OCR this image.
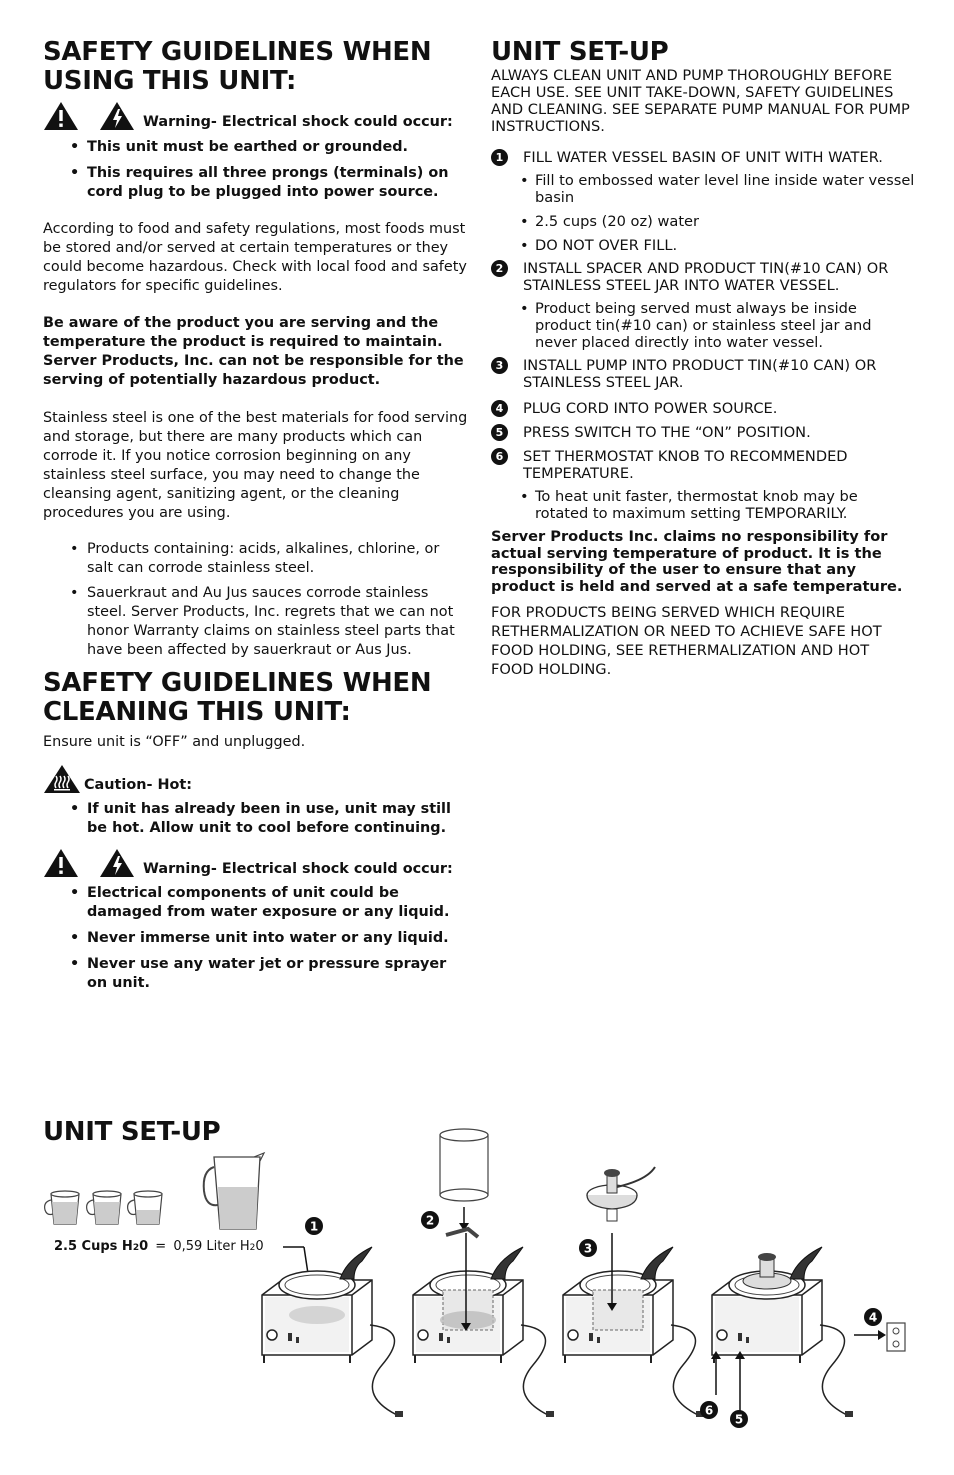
SAFETY GUIDELINES WHEN USING THIS UNIT:
Warning- Electrical shock could occur:
• This unit must be earthed or grounded.
• This requires all three prongs (terminals) on cord plug to be plugged into power source.

According to food and safety regulations, most foods must be stored and/or served at certain temperatures or they could become hazardous. Check with local food and safety regulators for specific guidelines.

Be aware of the product you are serving and the temperature the product is required to maintain. Server Products, Inc. can not be responsible for the serving of potentially hazardous product.

Stainless steel is one of the best materials for food serving and storage, but there are many products which can corrode it. If you notice corrosion beginning on any stainless steel surface, you may need to change the cleansing agent, sanitizing agent, or the cleaning procedures you are using.

• Products containing: acids, alkalines, chlorine, or salt can corrode stainless steel.
• Sauerkraut and Au Jus sauces corrode stainless steel. Server Products, Inc. regrets that we can not honor Warranty claims on stainless steel parts that have been affected by sauerkraut or Aus Jus.
SAFETY GUIDELINES WHEN CLEANING THIS UNIT:

Ensure unit is “OFF” and unplugged.

Caution- Hot:
• If unit has already been in use, unit may still be hot. Allow unit to cool before continuing.
Warning- Electrical shock could occur:
• Electrical components of unit could be damaged from water exposure or any liquid.
• Never immerse unit into water or any liquid.
• Never use any water jet or pressure sprayer on unit.
UNIT SET-UP

ALWAYS CLEAN UNIT AND PUMP THOROUGHLY BEFORE EACH USE. SEE UNIT TAKE-DOWN, SAFETY GUIDELINES AND CLEANING. SEE SEPARATE PUMP MANUAL FOR PUMP INSTRUCTIONS.

1	FILL WATER VESSEL BASIN OF UNIT WITH WATER.
• Fill to embossed water level line inside water vessel basin
• 2.5 cups (20 oz) water
• DO NOT OVER FILL.
2	INSTALL SPACER AND PRODUCT TIN(#10 CAN) OR STAINLESS STEEL JAR INTO WATER VESSEL.
• Product being served must always be inside product tin(#10 can) or stainless steel jar and never placed directly into water vessel.
3	INSTALL PUMP INTO PRODUCT TIN(#10 CAN) OR STAINLESS STEEL JAR.
4	PLUG CORD INTO POWER SOURCE.
5	PRESS SWITCH TO THE “ON” POSITION.
6	SET THERMOSTAT KNOB TO RECOMMENDED TEMPERATURE.
• To heat unit faster, thermostat knob may be rotated to maximum setting TEMPORARILY.

Server Products Inc. claims no responsibility for actual serving temperature of product. It is the responsibility of the user to ensure that any product is held and served at a safe temperature.

FOR PRODUCTS BEING SERVED WHICH REQUIRE RETHERMALIZATION OR NEED TO ACHIEVE SAFE HOT FOOD HOLDING, SEE RETHERMALIZATION AND HOT FOOD HOLDING.

UNIT SET-UP
1	2
3
4
5
6
2.5 Cups H20 = 0,59 Liter H20
